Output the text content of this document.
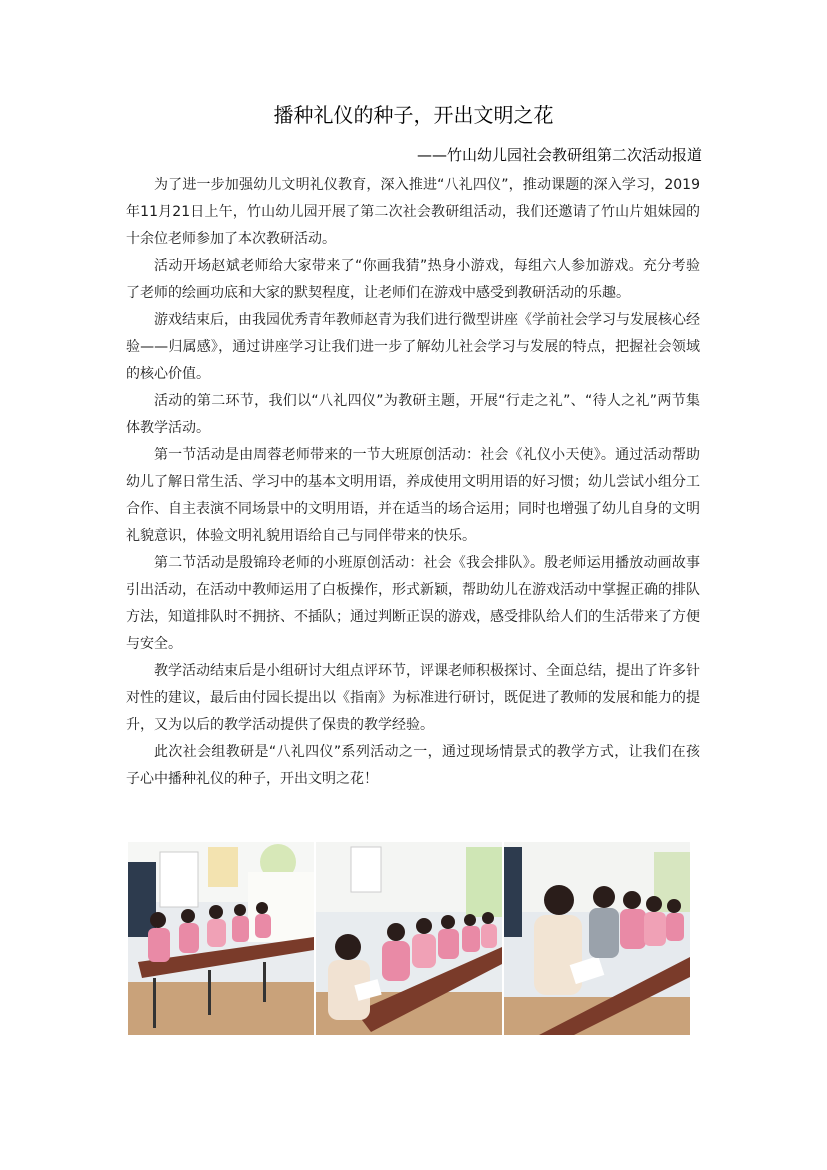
播种礼仪的种子，开出文明之花
——竹山幼儿园社会教研组第二次活动报道

为了进一步加强幼儿文明礼仪教育，深入推进“八礼四仪”，推动课题的深入学习，2019年11月21日上午，竹山幼儿园开展了第二次社会教研组活动，我们还邀请了竹山片姐妹园的十余位老师参加了本次教研活动。

活动开场赵斌老师给大家带来了“你画我猜”热身小游戏，每组六人参加游戏。充分考验了老师的绘画功底和大家的默契程度，让老师们在游戏中感受到教研活动的乐趣。

游戏结束后，由我园优秀青年教师赵青为我们进行微型讲座《学前社会学习与发展核心经验——归属感》，通过讲座学习让我们进一步了解幼儿社会学习与发展的特点，把握社会领域的核心价值。

活动的第二环节，我们以“八礼四仪”为教研主题，开展“行走之礼”、“待人之礼”两节集体教学活动。

第一节活动是由周蓉老师带来的一节大班原创活动：社会《礼仪小天使》。通过活动帮助幼儿了解日常生活、学习中的基本文明用语，养成使用文明用语的好习惯；幼儿尝试小组分工合作、自主表演不同场景中的文明用语，并在适当的场合运用；同时也增强了幼儿自身的文明礼貌意识，体验文明礼貌用语给自己与同伴带来的快乐。

第二节活动是殷锦玲老师的小班原创活动：社会《我会排队》。殷老师运用播放动画故事引出活动，在活动中教师运用了白板操作，形式新颖，帮助幼儿在游戏活动中掌握正确的排队方法，知道排队时不拥挤、不插队；通过判断正误的游戏，感受排队给人们的生活带来了方便与安全。

教学活动结束后是小组研讨大组点评环节，评课老师积极探讨、全面总结，提出了许多针对性的建议，最后由付园长提出以《指南》为标准进行研讨，既促进了教师的发展和能力的提升，又为以后的教学活动提供了保贵的教学经验。

此次社会组教研是“八礼四仪”系列活动之一，通过现场情景式的教学方式，让我们在孩子心中播种礼仪的种子，开出文明之花！
